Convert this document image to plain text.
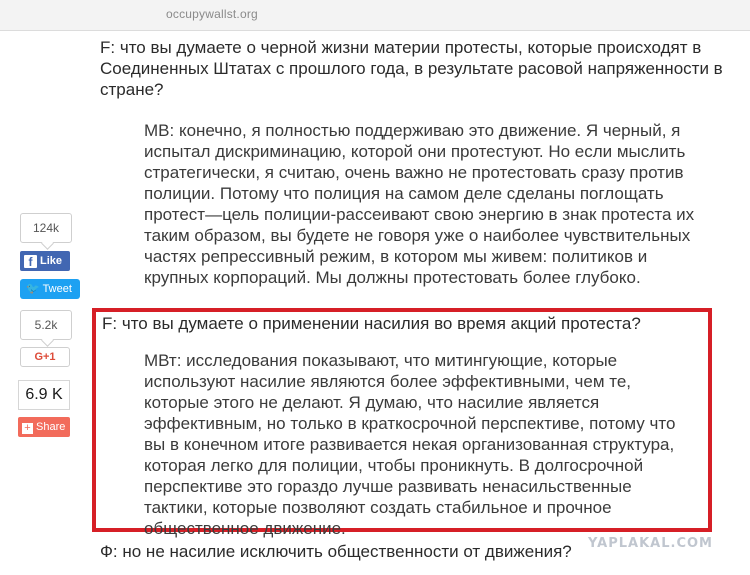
occupywallst.org

F: что вы думаете о черной жизни материи протесты, которые происходят в Соединенных Штатах с прошлого года, в результате расовой напряженности в стране?

MB: конечно, я полностью поддерживаю это движение. Я черный, я испытал дискриминацию, которой они протестуют. Но если мыслить стратегически, я считаю, очень важно не протестовать сразу против полиции. Потому что полиция на самом деле сделаны поглощать протест—цель полиции-рассеивают свою энергию в знак протеста их таким образом, вы будете не говоря уже о наиболее чувствительных частях репрессивный режим, в котором мы живем: политиков и крупных корпораций. Мы должны протестовать более глубоко.

F: что вы думаете о применении насилия во время акций протеста?

МВт: исследования показывают, что митингующие, которые используют насилие являются более эффективными, чем те, которые этого не делают. Я думаю, что насилие является эффективным, но только в краткосрочной перспективе, потому что вы в конечном итоге развивается некая организованная структура, которая легко для полиции, чтобы проникнуть. В долгосрочной перспективе это гораздо лучше развивать ненасильственные тактики, которые позволяют создать стабильное и прочное общественное движение.

Ф: но не насилие исключить общественности от движения?

124k
f Like
🐦 Tweet
5.2k
G+1
6.9 K
+ Share
YAPLAKAL.COM
